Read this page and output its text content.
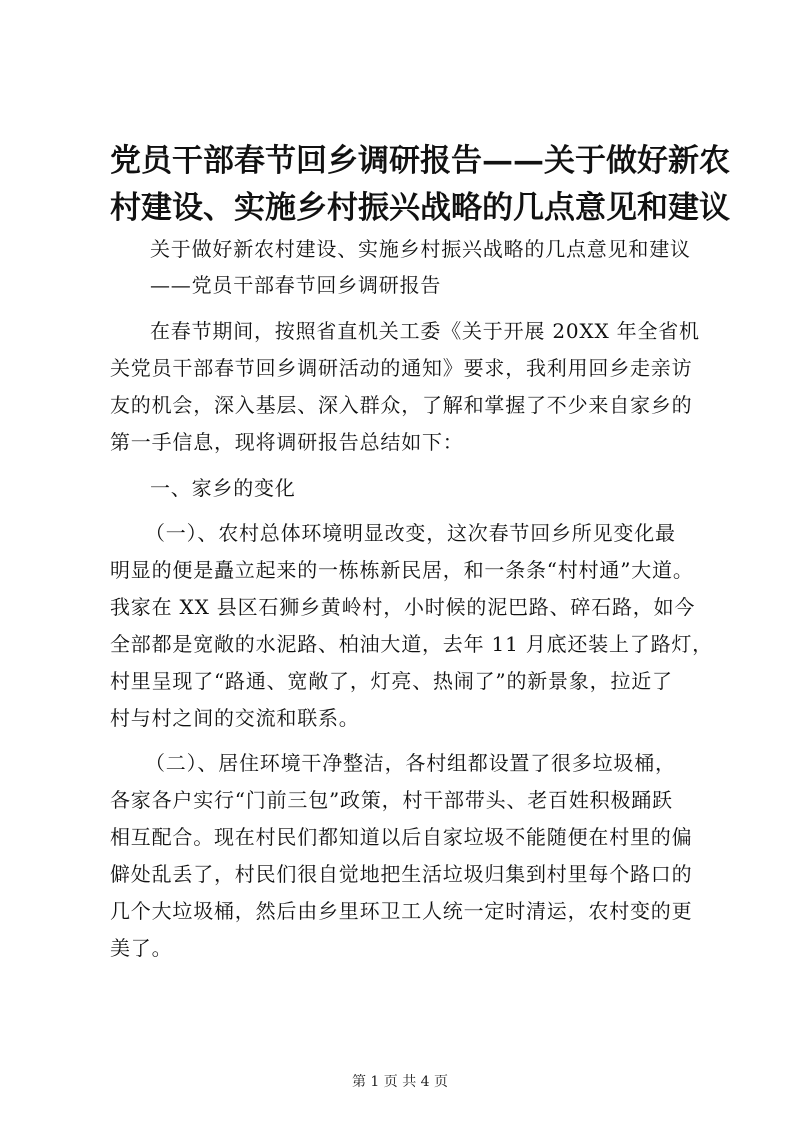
党员干部春节回乡调研报告——关于做好新农
村建设、实施乡村振兴战略的几点意见和建议

关于做好新农村建设、实施乡村振兴战略的几点意见和建议

——党员干部春节回乡调研报告

在春节期间，按照省直机关工委《关于开展 20XX 年全省机

关党员干部春节回乡调研活动的通知》要求，我利用回乡走亲访

友的机会，深入基层、深入群众，了解和掌握了不少来自家乡的

第一手信息，现将调研报告总结如下：

一、家乡的变化

（一）、农村总体环境明显改变，这次春节回乡所见变化最

明显的便是矗立起来的一栋栋新民居，和一条条“村村通”大道。

我家在 XX 县区石狮乡黄岭村，小时候的泥巴路、碎石路，如今

全部都是宽敞的水泥路、柏油大道，去年 11 月底还装上了路灯，

村里呈现了“路通、宽敞了，灯亮、热闹了”的新景象，拉近了

村与村之间的交流和联系。

（二）、居住环境干净整洁，各村组都设置了很多垃圾桶，

各家各户实行“门前三包”政策，村干部带头、老百姓积极踊跃

相互配合。现在村民们都知道以后自家垃圾不能随便在村里的偏

僻处乱丢了，村民们很自觉地把生活垃圾归集到村里每个路口的

几个大垃圾桶，然后由乡里环卫工人统一定时清运，农村变的更

美了。

第 1 页 共 4 页
